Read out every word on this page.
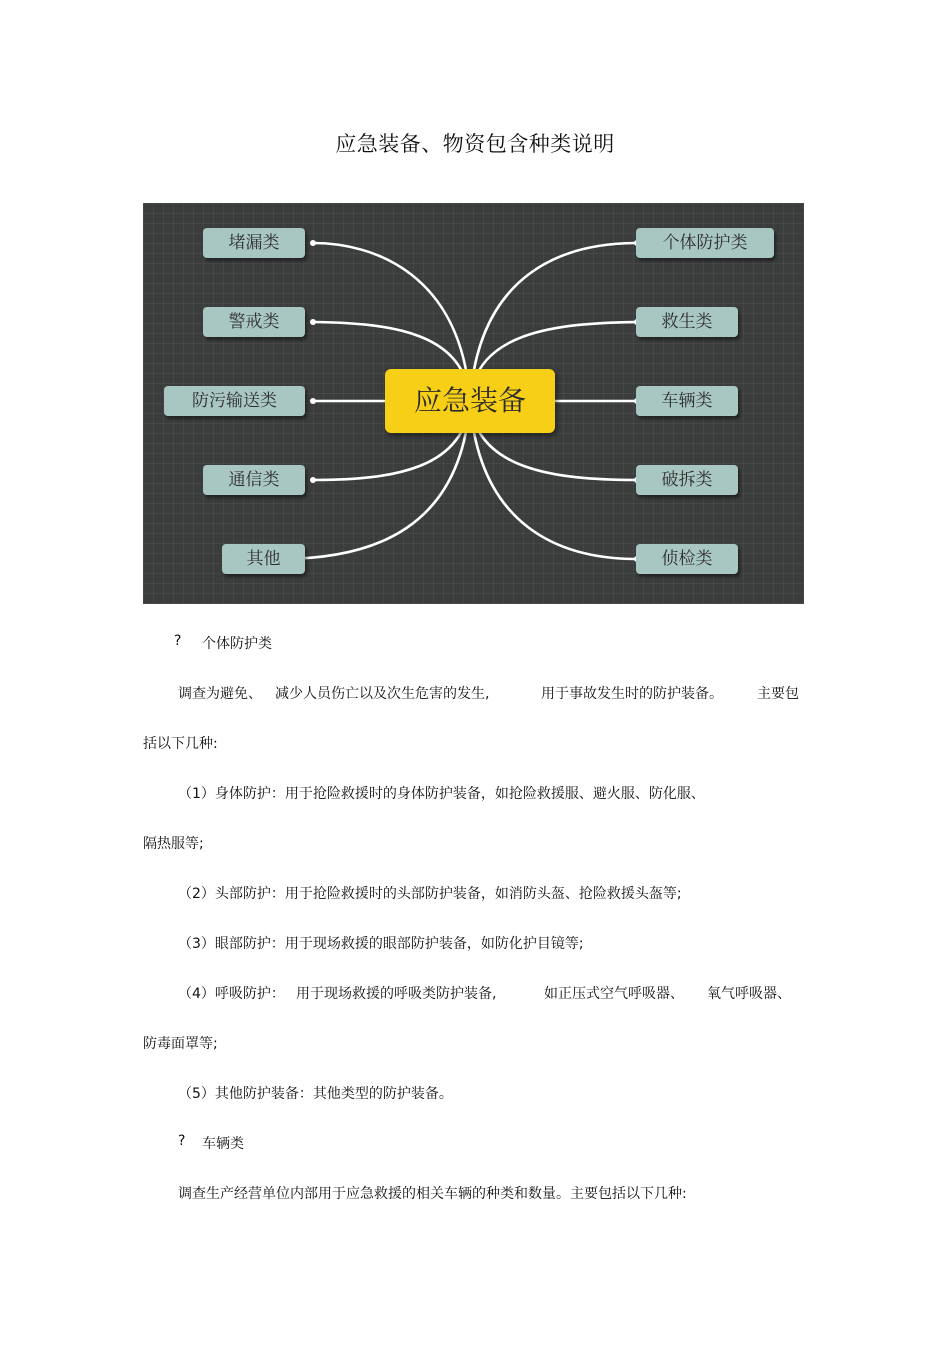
应急装备、物资包含种类说明
堵漏类
警戒类
防污输送类
通信类
其他
应急装备
个体防护类
救生类
车辆类
破拆类
侦检类
? 个体防护类
调查为避免、 减少人员伤亡以及次生危害的发生,	用于事故发生时的防护装备。 主要包
括以下几种:
（1）身体防护：用于抢险救援时的身体防护装备，如抢险救援服、避火服、防化服、
隔热服等;
（2）头部防护：用于抢险救援时的头部防护装备，如消防头盔、抢险救援头盔等;
（3）眼部防护：用于现场救援的眼部防护装备，如防化护目镜等;
（4）呼吸防护： 用于现场救援的呼吸类防护装备,	如正压式空气呼吸器、 氧气呼吸器、
防毒面罩等;
（5）其他防护装备：其他类型的防护装备。
? 车辆类
调查生产经营单位内部用于应急救援的相关车辆的种类和数量。主要包括以下几种:
